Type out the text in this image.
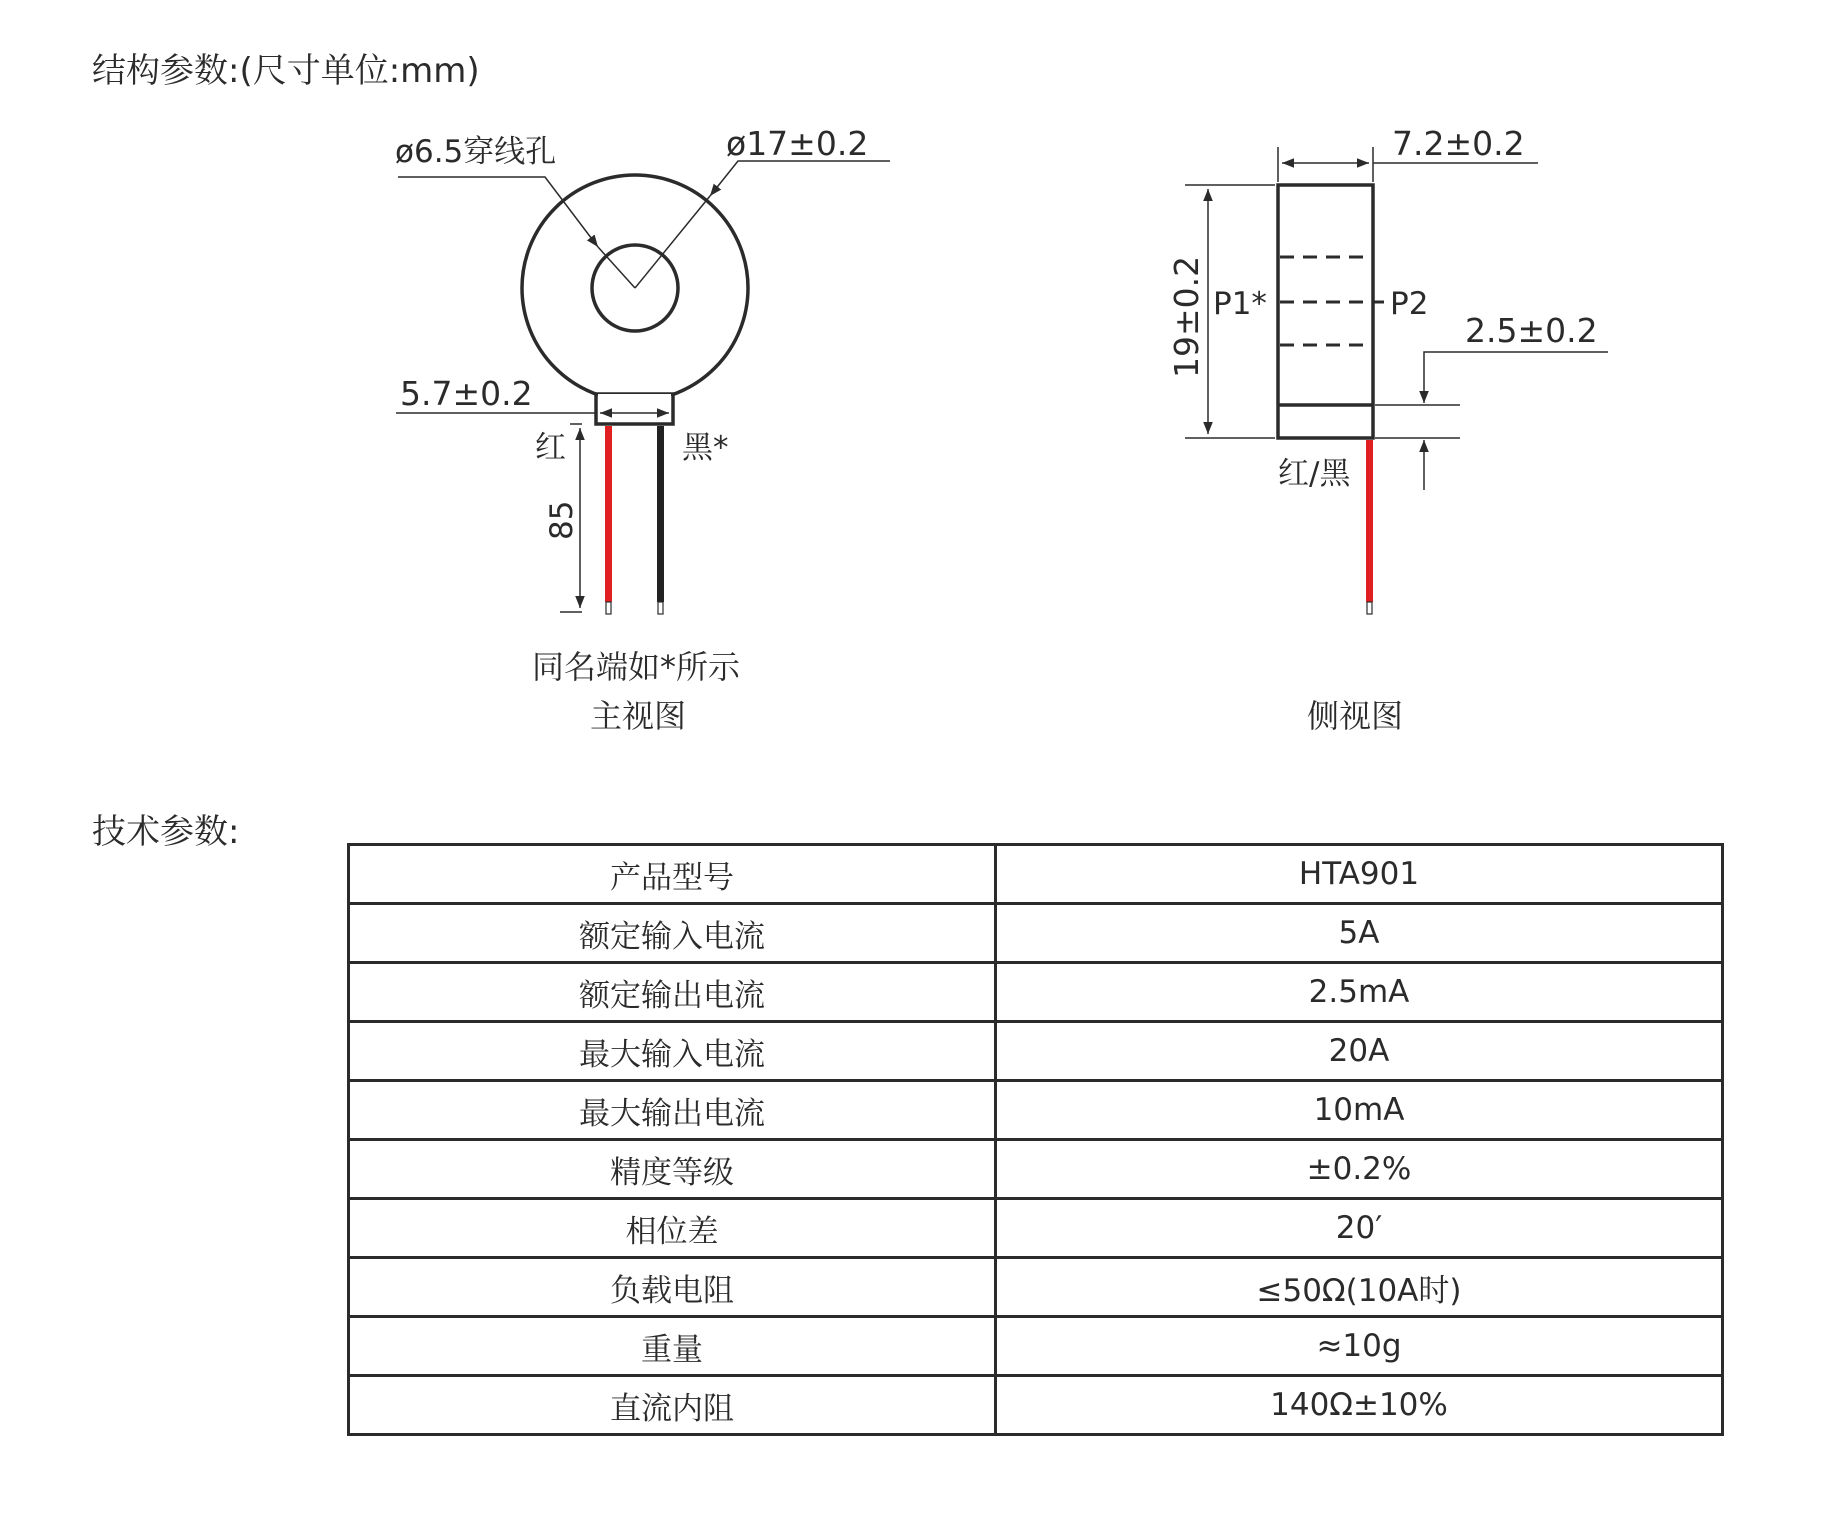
结构参数:(尺寸单位:mm)
ø6.5穿线孔	ø17±0.2
5.7±0.2
红	黑*
85
同名端如*所示
主视图
7.2±0.2
19±0.2 P1*	P2
2.5±0.2
红/黑
侧视图
技术参数:
产品型号	HTA901
额定输入电流	5A
额定输出电流	2.5mA
最大输入电流	20A
最大输出电流	10mA
精度等级	±0.2%
相位差	20′
负载电阻	≤50Ω(10A时)
重量	≈10g
直流内阻	140Ω±10%
